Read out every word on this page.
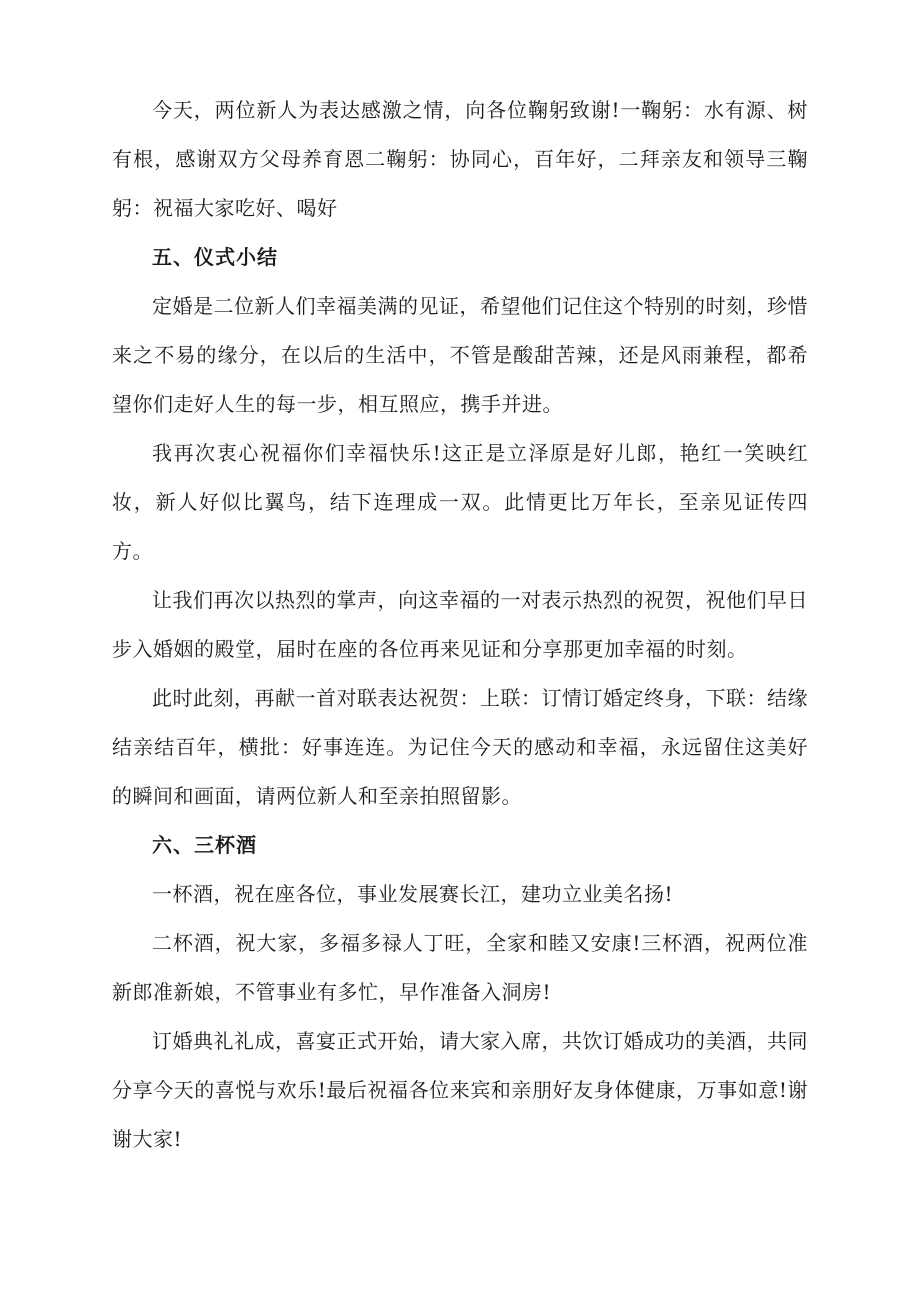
今天，两位新人为表达感激之情，向各位鞠躬致谢!一鞠躬：水有源、树有根，感谢双方父母养育恩二鞠躬：协同心，百年好，二拜亲友和领导三鞠躬：祝福大家吃好、喝好

五、仪式小结

定婚是二位新人们幸福美满的见证，希望他们记住这个特别的时刻，珍惜来之不易的缘分，在以后的生活中，不管是酸甜苦辣，还是风雨兼程，都希望你们走好人生的每一步，相互照应，携手并进。

我再次衷心祝福你们幸福快乐!这正是立泽原是好儿郎，艳红一笑映红妆，新人好似比翼鸟，结下连理成一双。此情更比万年长，至亲见证传四方。

让我们再次以热烈的掌声，向这幸福的一对表示热烈的祝贺，祝他们早日步入婚姻的殿堂，届时在座的各位再来见证和分享那更加幸福的时刻。

此时此刻，再献一首对联表达祝贺：上联：订情订婚定终身，下联：结缘结亲结百年，横批：好事连连。为记住今天的感动和幸福，永远留住这美好的瞬间和画面，请两位新人和至亲拍照留影。

六、三杯酒

一杯酒，祝在座各位，事业发展赛长江，建功立业美名扬!

二杯酒，祝大家，多福多禄人丁旺，全家和睦又安康!三杯酒，祝两位准新郎准新娘，不管事业有多忙，早作准备入洞房!

订婚典礼礼成，喜宴正式开始，请大家入席，共饮订婚成功的美酒，共同分享今天的喜悦与欢乐!最后祝福各位来宾和亲朋好友身体健康，万事如意!谢谢大家!
